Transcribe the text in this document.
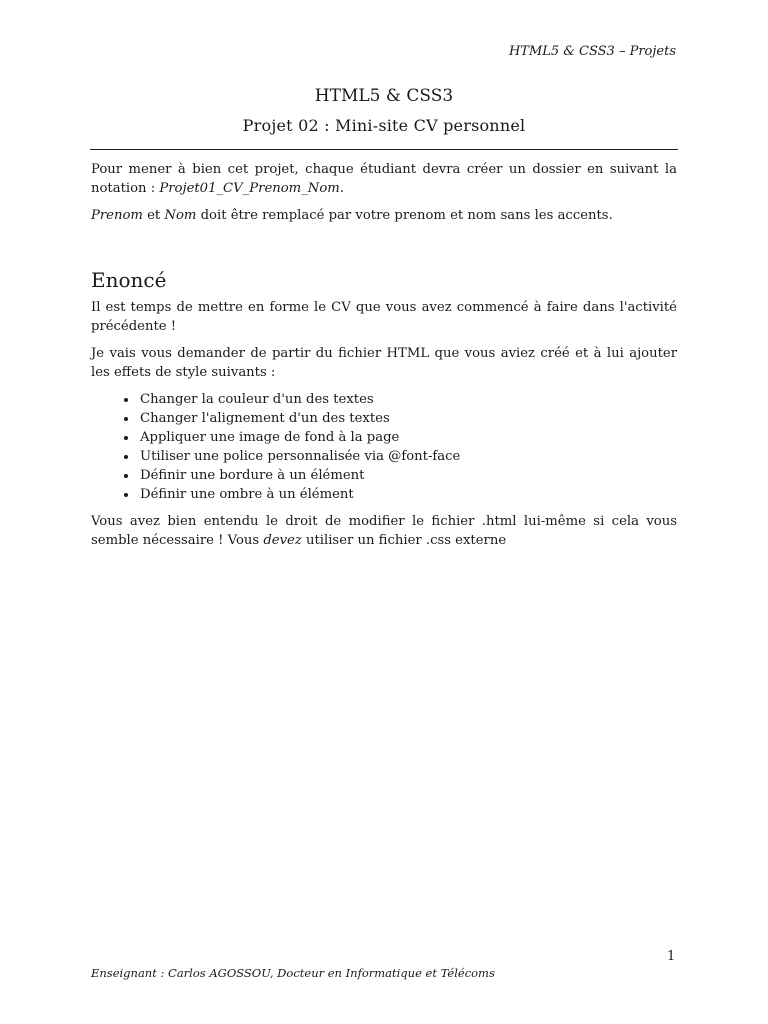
HTML5 & CSS3 – Projets
HTML5 & CSS3
Projet 02 : Mini-site CV personnel

Pour mener à bien cet projet, chaque étudiant devra créer un dossier en suivant la notation : Projet01_CV_Prenom_Nom.

Prenom et Nom doit être remplacé par votre prenom et nom sans les accents.

Enoncé

Il est temps de mettre en forme le CV que vous avez commencé à faire dans l'activité précédente !

Je vais vous demander de partir du fichier HTML que vous aviez créé et à lui ajouter les effets de style suivants :

• Changer la couleur d'un des textes
• Changer l'alignement d'un des textes
• Appliquer une image de fond à la page
• Utiliser une police personnalisée via @font-face
• Définir une bordure à un élément
• Définir une ombre à un élément

Vous avez bien entendu le droit de modifier le fichier .html lui-même si cela vous semble nécessaire ! Vous devez utiliser un fichier .css externe

1
Enseignant : Carlos AGOSSOU, Docteur en Informatique et Télécoms
